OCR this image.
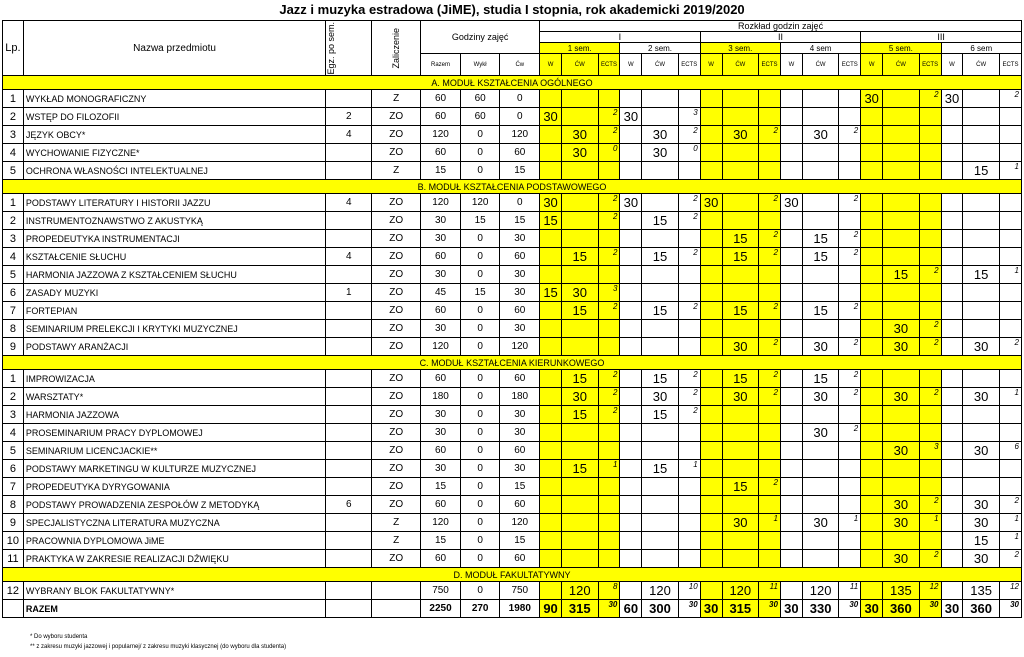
Jazz i muzyka estradowa (JiME), studia I stopnia, rok akademicki 2019/2020
Lp.	Nazwa przedmiotu	Egz. po sem.	Zaliczenie	Godziny zajęć			Rozkład godzin zajęć																	
							I						II						III					
							1 sem.			2 sem.			3 sem.			4 sem			5 sem.			6 sem		
				Razem	Wykł	Ćw	W	ĆW	ECTS	W	ĆW	ECTS	W	ĆW	ECTS	W	ĆW	ECTS	W	ĆW	ECTS	W	ĆW	ECTS
A. MODUŁ KSZTAŁCENIA OGÓLNEGO																								
1	WYKŁAD MONOGRAFICZNY		Z	60	60	0													30		2	30		2
2	WSTĘP DO FILOZOFII	2	ZO	60	60	0	30		2	30		3												
3	JĘZYK OBCY*	4	ZO	120	0	120		30	2		30	2		30	2		30	2						
4	WYCHOWANIE FIZYCZNE*		ZO	60	0	60		30	0		30	0												
5	OCHRONA WŁASNOŚCI INTELEKTUALNEJ		Z	15	0	15																	15	1
B. MODUŁ KSZTAŁCENIA PODSTAWOWEGO																								
1	PODSTAWY LITERATURY I HISTORII JAZZU	4	ZO	120	120	0	30		2	30		2	30		2	30		2						
2	INSTRUMENTOZNAWSTWO Z AKUSTYKĄ		ZO	30	15	15	15		2		15	2												
3	PROPEDEUTYKA INSTRUMENTACJI		ZO	30	0	30								15	2		15	2						
4	KSZTAŁCENIE SŁUCHU	4	ZO	60	0	60		15	2		15	2		15	2		15	2						
5	HARMONIA JAZZOWA Z KSZTAŁCENIEM SŁUCHU		ZO	30	0	30														15	2		15	1
6	ZASADY MUZYKI	1	ZO	45	15	30	15	30	3															
7	FORTEPIAN		ZO	60	0	60		15	2		15	2		15	2		15	2						
8	SEMINARIUM PRELEKCJI I KRYTYKI MUZYCZNEJ		ZO	30	0	30														30	2			
9	PODSTAWY ARANŻACJI		ZO	120	0	120								30	2		30	2		30	2		30	2
C. MODUŁ KSZTAŁCENIA KIERUNKOWEGO																								
1	IMPROWIZACJA		ZO	60	0	60		15	2		15	2		15	2		15	2						
2	WARSZTATY*		ZO	180	0	180		30	2		30	2		30	2		30	2		30	2		30	1
3	HARMONIA JAZZOWA		ZO	30	0	30		15	2		15	2												
4	PROSEMINARIUM PRACY DYPLOMOWEJ		ZO	30	0	30											30	2						
5	SEMINARIUM LICENCJACKIE**		ZO	60	0	60														30	3		30	6
6	PODSTAWY MARKETINGU W KULTURZE MUZYCZNEJ		ZO	30	0	30		15	1		15	1												
7	PROPEDEUTYKA DYRYGOWANIA		ZO	15	0	15								15	2									
8	PODSTAWY PROWADZENIA ZESPOŁÓW Z METODYKĄ	6	ZO	60	0	60														30	2		30	2
9	SPECJALISTYCZNA LITERATURA MUZYCZNA		Z	120	0	120								30	1		30	1		30	1		30	1
10	PRACOWNIA DYPLOMOWA JiME		Z	15	0	15																	15	1
11	PRAKTYKA W ZAKRESIE REALIZACJI DŹWIĘKU		ZO	60	0	60														30	2		30	2
D. MODUŁ FAKULTATYWNY																								
12	WYBRANY BLOK FAKULTATYWNY*			750	0	750		120	8		120	10		120	11		120	11		135	12		135	12
	RAZEM			2250	270	1980	90	315	30	60	300	30	30	315	30	30	330	30	30	360	30	30	360	30
* Do wyboru studenta
** z zakresu muzyki jazzowej i popularnej/ z zakresu muzyki klasycznej (do wyboru dla studenta)
